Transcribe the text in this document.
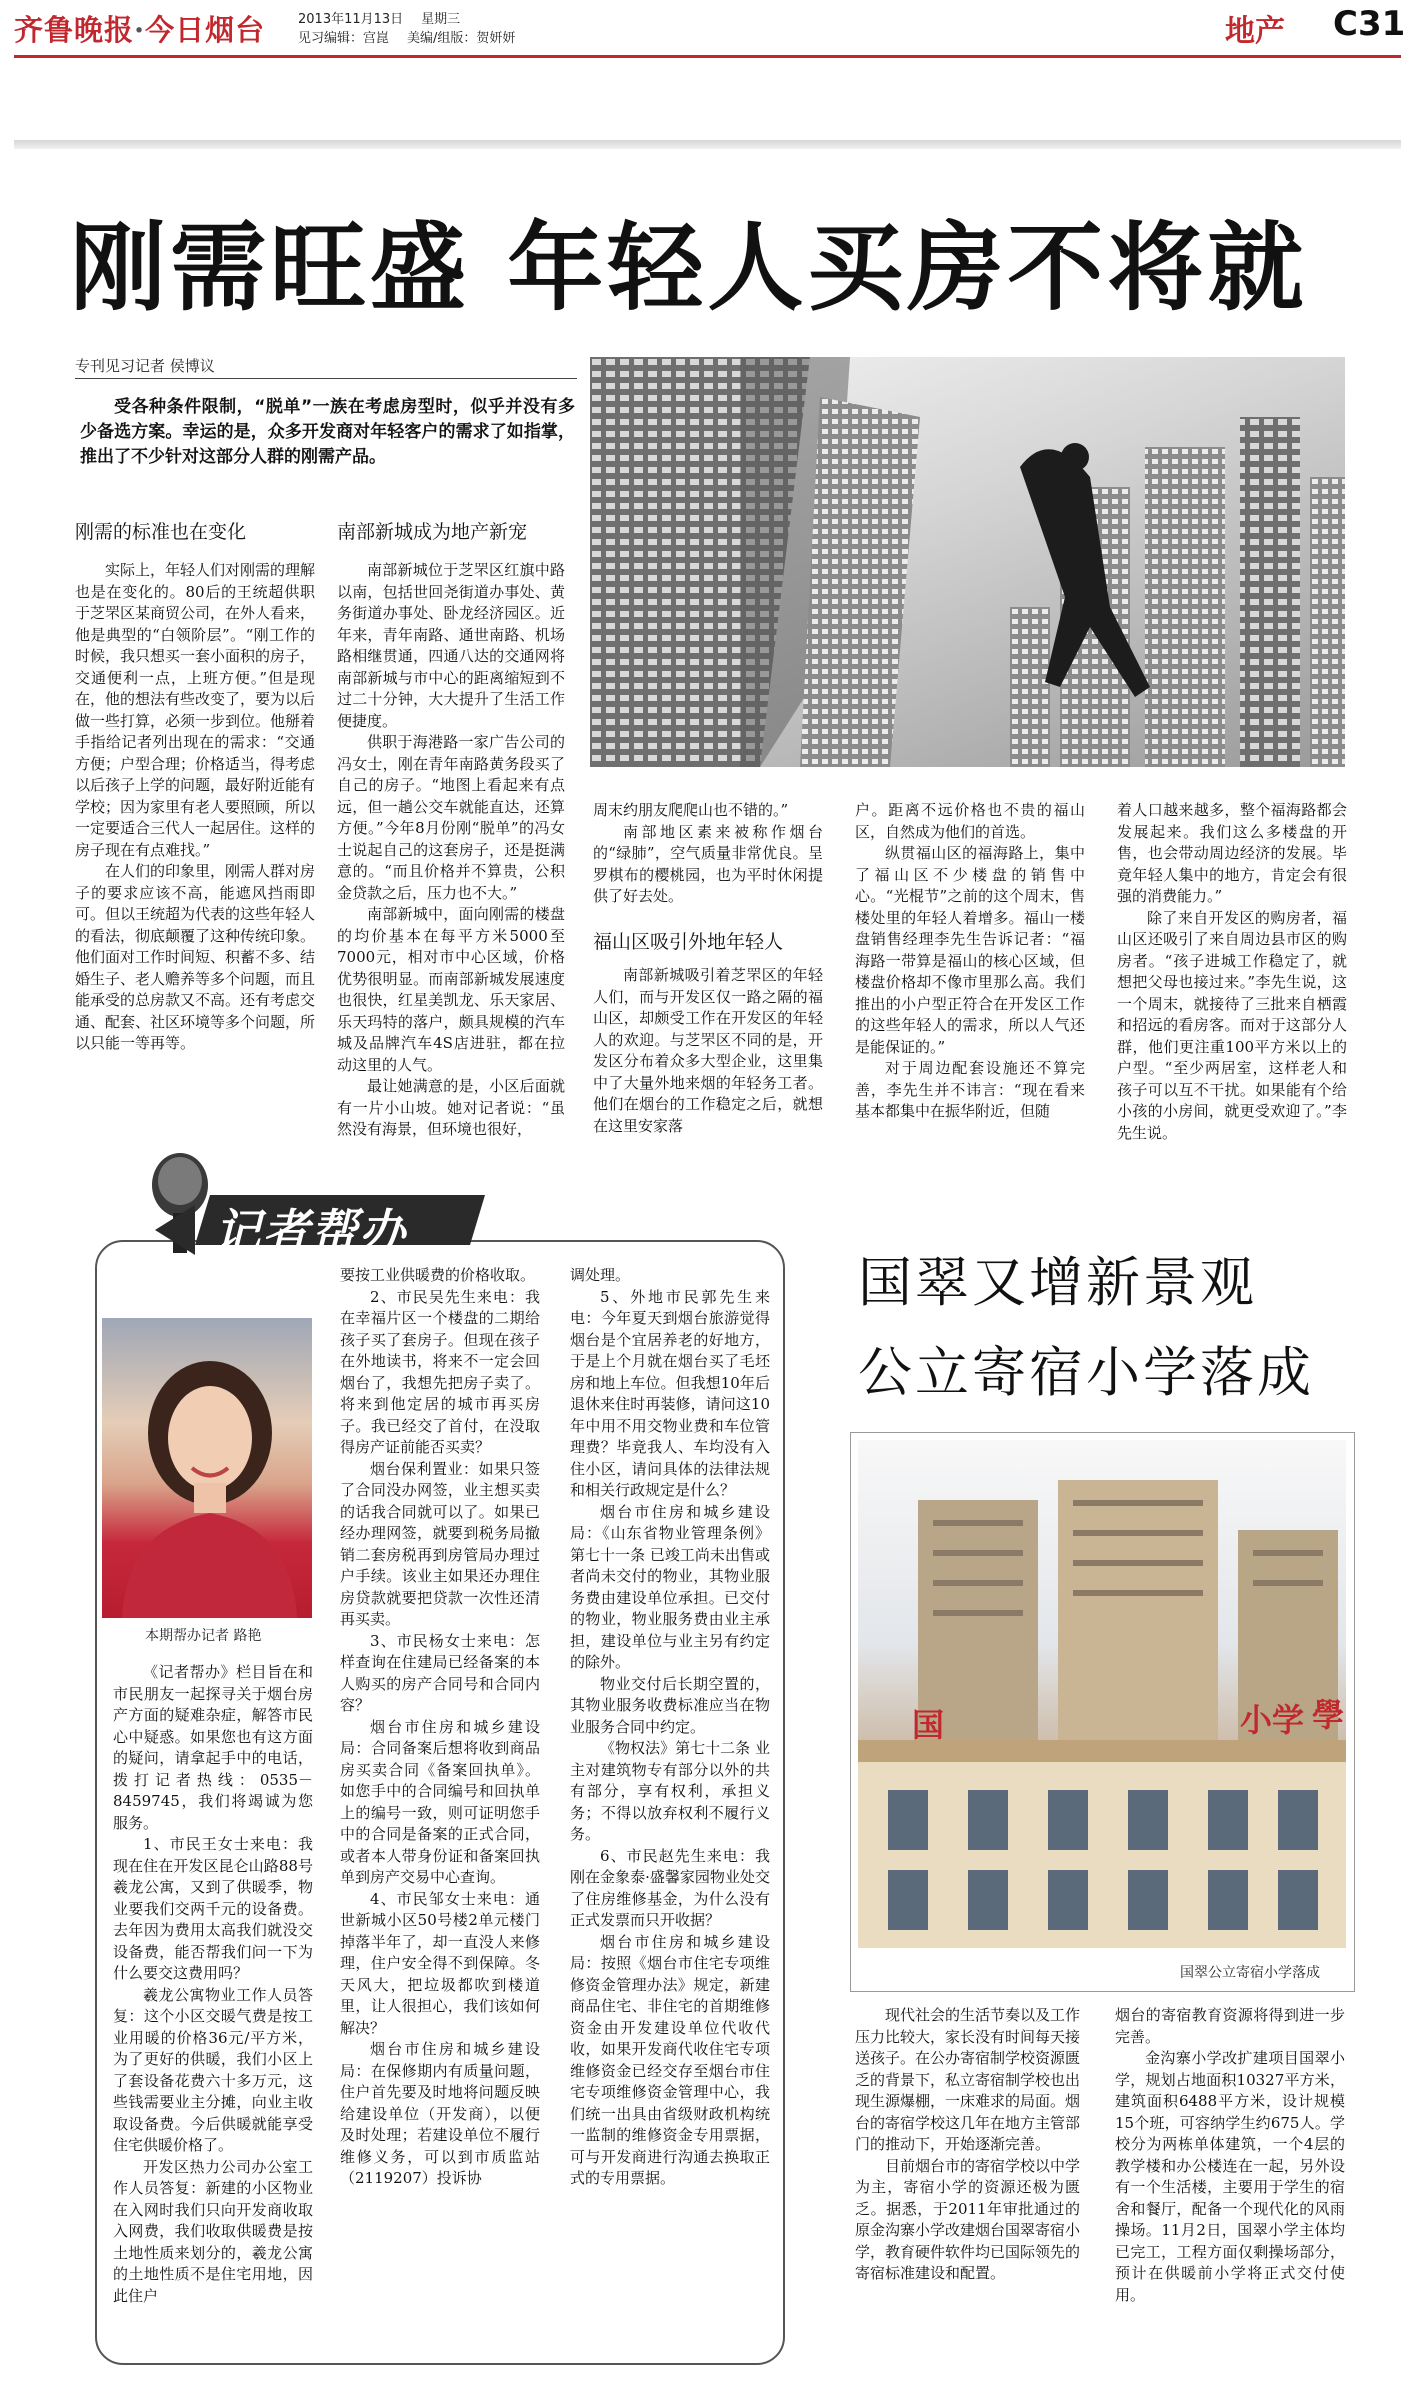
齐鲁晚报·今日烟台	2013年11月13日 星期三
见习编辑：宫崑 美编/组版：贺妍妍	地产 C31
刚需旺盛 年轻人买房不将就
专刊见习记者 侯博议
受各种条件限制，“脱单”一族在考虑房型时，似乎并没有多少备选方案。幸运的是，众多开发商对年轻客户的需求了如指掌，推出了不少针对这部分人群的刚需产品。
刚需的标准也在变化	南部新城成为地产新宠

实际上，年轻人们对刚需的理解也是在变化的。80后的王统超供职于芝罘区某商贸公司，在外人看来，他是典型的“白领阶层”。“刚工作的时候，我只想买一套小面积的房子，交通便利一点，上班方便。”但是现在，他的想法有些改变了，要为以后做一些打算，必须一步到位。他掰着手指给记者列出现在的需求：“交通方便；户型合理；价格适当，得考虑以后孩子上学的问题，最好附近能有学校；因为家里有老人要照顾，所以一定要适合三代人一起居住。这样的房子现在有点难找。”

在人们的印象里，刚需人群对房子的要求应该不高，能遮风挡雨即可。但以王统超为代表的这些年轻人的看法，彻底颠覆了这种传统印象。他们面对工作时间短、积蓄不多、结婚生子、老人赡养等多个问题，而且能承受的总房款又不高。还有考虑交通、配套、社区环境等多个问题，所以只能一等再等。

南部新城位于芝罘区红旗中路以南，包括世回尧街道办事处、黄务街道办事处、卧龙经济园区。近年来，青年南路、通世南路、机场路相继贯通，四通八达的交通网将南部新城与市中心的距离缩短到不过二十分钟，大大提升了生活工作便捷度。

供职于海港路一家广告公司的冯女士，刚在青年南路黄务段买了自己的房子。“地图上看起来有点远，但一趟公交车就能直达，还算方便。”今年8月份刚“脱单”的冯女士说起自己的这套房子，还是挺满意的。“而且价格并不算贵，公积金贷款之后，压力也不大。”

南部新城中，面向刚需的楼盘的均价基本在每平方米5000至7000元，相对市中心区域，价格优势很明显。而南部新城发展速度也很快，红星美凯龙、乐天家居、乐天玛特的落户，颇具规模的汽车城及品牌汽车4S店进驻，都在拉动这里的人气。

最让她满意的是，小区后面就有一片小山坡。她对记者说：“虽然没有海景，但环境也很好，

周末约朋友爬爬山也不错的。”

南部地区素来被称作烟台的“绿肺”，空气质量非常优良。呈罗棋布的樱桃园，也为平时休闲提供了好去处。

福山区吸引外地年轻人

南部新城吸引着芝罘区的年轻人们，而与开发区仅一路之隔的福山区，却颇受工作在开发区的年轻人的欢迎。与芝罘区不同的是，开发区分布着众多大型企业，这里集中了大量外地来烟的年轻务工者。他们在烟台的工作稳定之后，就想在这里安家落

户。距离不远价格也不贵的福山区，自然成为他们的首选。

纵贯福山区的福海路上，集中了福山区不少楼盘的销售中心。“光棍节”之前的这个周末，售楼处里的年轻人着增多。福山一楼盘销售经理李先生告诉记者：“福海路一带算是福山的核心区域，但楼盘价格却不像市里那么高。我们推出的小户型正符合在开发区工作的这些年轻人的需求，所以人气还是能保证的。”

对于周边配套设施还不算完善，李先生并不讳言：“现在看来基本都集中在振华附近，但随

着人口越来越多，整个福海路都会发展起来。我们这么多楼盘的开售，也会带动周边经济的发展。毕竟年轻人集中的地方，肯定会有很强的消费能力。”

除了来自开发区的购房者，福山区还吸引了来自周边县市区的购房者。“孩子进城工作稳定了，就想把父母也接过来。”李先生说，这一个周末，就接待了三批来自栖霞和招远的看房客。而对于这部分人群，他们更注重100平方米以上的户型。“至少两居室，这样老人和孩子可以互不干扰。如果能有个给小孩的小房间，就更受欢迎了。”李先生说。

记者帮办
本期帮办记者 路艳

《记者帮办》栏目旨在和市民朋友一起探寻关于烟台房产方面的疑难杂症，解答市民心中疑惑。如果您也有这方面的疑问，请拿起手中的电话，拨打记者热线：0535－8459745，我们将竭诚为您服务。

1、市民王女士来电：我现在住在开发区昆仑山路88号羲龙公寓，又到了供暖季，物业要我们交两千元的设备费。去年因为费用太高我们就没交设备费，能否帮我们问一下为什么要交这费用吗？

羲龙公寓物业工作人员答复：这个小区交暖气费是按工业用暖的价格36元/平方米，为了更好的供暖，我们小区上了套设备花费六十多万元，这些钱需要业主分摊，向业主收取设备费。今后供暖就能享受住宅供暖价格了。

开发区热力公司办公室工作人员答复：新建的小区物业在入网时我们只向开发商收取入网费，我们收取供暖费是按土地性质来划分的，羲龙公寓的土地性质不是住宅用地，因此住户

要按工业供暖费的价格收取。

2、市民吴先生来电：我在幸福片区一个楼盘的二期给孩子买了套房子。但现在孩子在外地读书，将来不一定会回烟台了，我想先把房子卖了。将来到他定居的城市再买房子。我已经交了首付，在没取得房产证前能否买卖？

烟台保利置业：如果只签了合同没办网签，业主想买卖的话我合同就可以了。如果已经办理网签，就要到税务局撤销二套房税再到房管局办理过户手续。该业主如果还办理住房贷款就要把贷款一次性还清再买卖。

3、市民杨女士来电：怎样查询在住建局已经备案的本人购买的房产合同号和合同内容？

烟台市住房和城乡建设局：合同备案后想将收到商品房买卖合同《备案回执单》。如您手中的合同编号和回执单上的编号一致，则可证明您手中的合同是备案的正式合同，或者本人带身份证和备案回执单到房产交易中心查询。

4、市民邹女士来电：通世新城小区50号楼2单元楼门掉落半年了，却一直没人来修理，住户安全得不到保障。冬天风大，把垃圾都吹到楼道里，让人很担心，我们该如何解决？

烟台市住房和城乡建设局：在保修期内有质量问题，住户首先要及时地将问题反映给建设单位（开发商），以便及时处理；若建设单位不履行维修义务，可以到市质监站（2119207）投诉协

调处理。

5、外地市民郭先生来电：今年夏天到烟台旅游觉得烟台是个宜居养老的好地方，于是上个月就在烟台买了毛坯房和地上车位。但我想10年后退休来住时再装修，请问这10年中用不用交物业费和车位管理费？毕竟我人、车均没有入住小区，请问具体的法律法规和相关行政规定是什么？

烟台市住房和城乡建设局：《山东省物业管理条例》第七十一条 已竣工尚未出售或者尚未交付的物业，其物业服务费由建设单位承担。已交付的物业，物业服务费由业主承担，建设单位与业主另有约定的除外。

物业交付后长期空置的，其物业服务收费标准应当在物业服务合同中约定。

《物权法》第七十二条 业主对建筑物专有部分以外的共有部分，享有权利，承担义务；不得以放弃权利不履行义务。

6、市民赵先生来电：我刚在金象泰·盛馨家园物业处交了住房维修基金，为什么没有正式发票而只开收据？

烟台市住房和城乡建设局：按照《烟台市住宅专项维修资金管理办法》规定，新建商品住宅、非住宅的首期维修资金由开发建设单位代收代收，如果开发商代收住宅专项维修资金已经交存至烟台市住宅专项维修资金管理中心，我们统一出具由省级财政机构统一监制的维修资金专用票据，可与开发商进行沟通去换取正式的专用票据。

国翠又增新景观
公立寄宿小学落成
国	小学 學
国翠公立寄宿小学落成

现代社会的生活节奏以及工作压力比较大，家长没有时间每天接送孩子。在公办寄宿制学校资源匮乏的背景下，私立寄宿制学校也出现生源爆棚，一床难求的局面。烟台的寄宿学校这几年在地方主管部门的推动下，开始逐渐完善。

目前烟台市的寄宿学校以中学为主，寄宿小学的资源还极为匮乏。据悉，于2011年审批通过的原金沟寨小学改建烟台国翠寄宿小学，教育硬件软件均已国际领先的寄宿标准建设和配置。

烟台的寄宿教育资源将得到进一步完善。

金沟寨小学改扩建项目国翠小学，规划占地面积10327平方米，建筑面积6488平方米，设计规模15个班，可容纳学生约675人。学校分为两栋单体建筑，一个4层的教学楼和办公楼连在一起，另外设有一个生活楼，主要用于学生的宿舍和餐厅，配备一个现代化的风雨操场。11月2日，国翠小学主体均已完工，工程方面仅剩操场部分，预计在供暖前小学将正式交付使用。
